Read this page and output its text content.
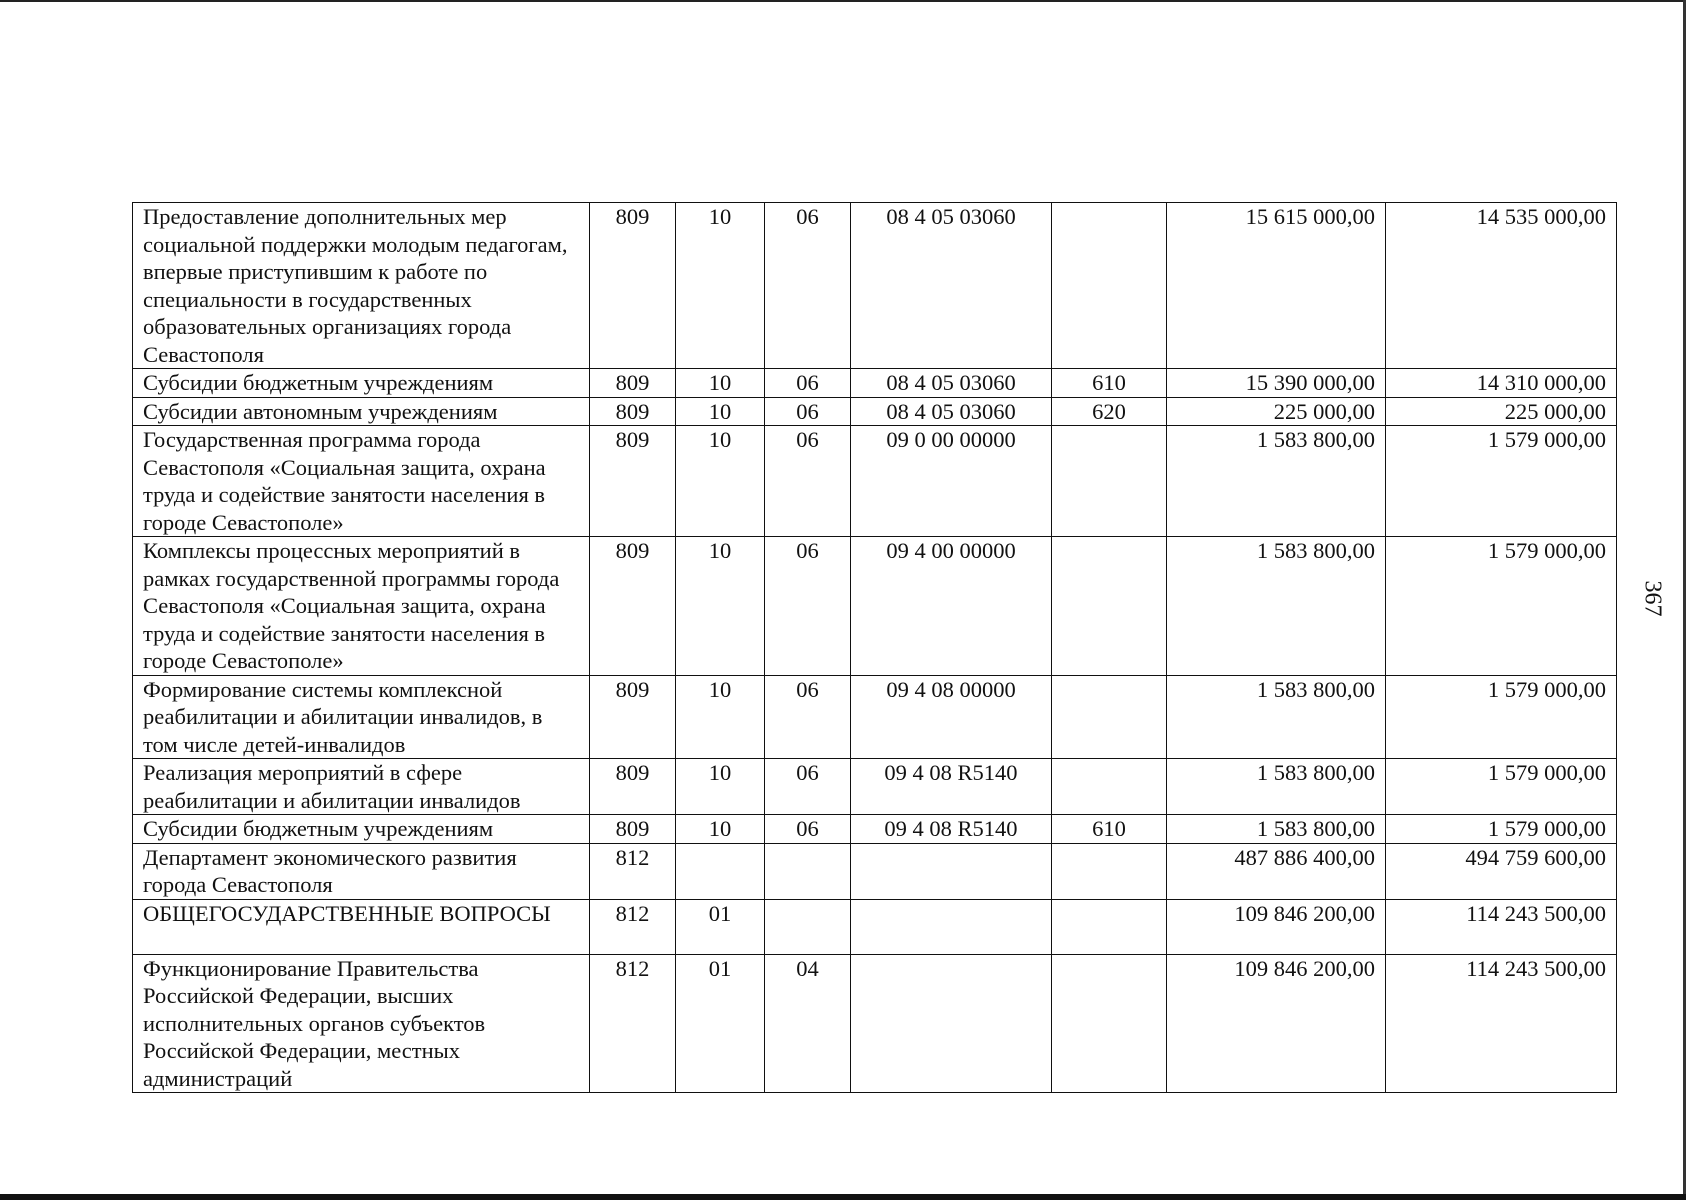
367
Предоставление дополнительных мер социальной поддержки молодым педагогам, впервые приступившим к работе по специальности в государственных образовательных организациях города Севастополя	809	10	06	08 4 05 03060		15 615 000,00	14 535 000,00
Субсидии бюджетным учреждениям	809	10	06	08 4 05 03060	610	15 390 000,00	14 310 000,00
Субсидии автономным учреждениям	809	10	06	08 4 05 03060	620	225 000,00	225 000,00
Государственная программа города Севастополя «Социальная защита, охрана труда и содействие занятости населения в городе Севастополе»	809	10	06	09 0 00 00000		1 583 800,00	1 579 000,00
Комплексы процессных мероприятий в рамках государственной программы города Севастополя «Социальная защита, охрана труда и содействие занятости населения в городе Севастополе»	809	10	06	09 4 00 00000		1 583 800,00	1 579 000,00
Формирование системы комплексной реабилитации и абилитации инвалидов, в том числе детей-инвалидов	809	10	06	09 4 08 00000		1 583 800,00	1 579 000,00
Реализация мероприятий в сфере реабилитации и абилитации инвалидов	809	10	06	09 4 08 R5140		1 583 800,00	1 579 000,00
Субсидии бюджетным учреждениям	809	10	06	09 4 08 R5140	610	1 583 800,00	1 579 000,00
Департамент экономического развития города Севастополя	812					487 886 400,00	494 759 600,00
ОБЩЕГОСУДАРСТВЕННЫЕ ВОПРОСЫ	812	01				109 846 200,00	114 243 500,00
Функционирование Правительства Российской Федерации, высших исполнительных органов субъектов Российской Федерации, местных администраций	812	01	04			109 846 200,00	114 243 500,00
